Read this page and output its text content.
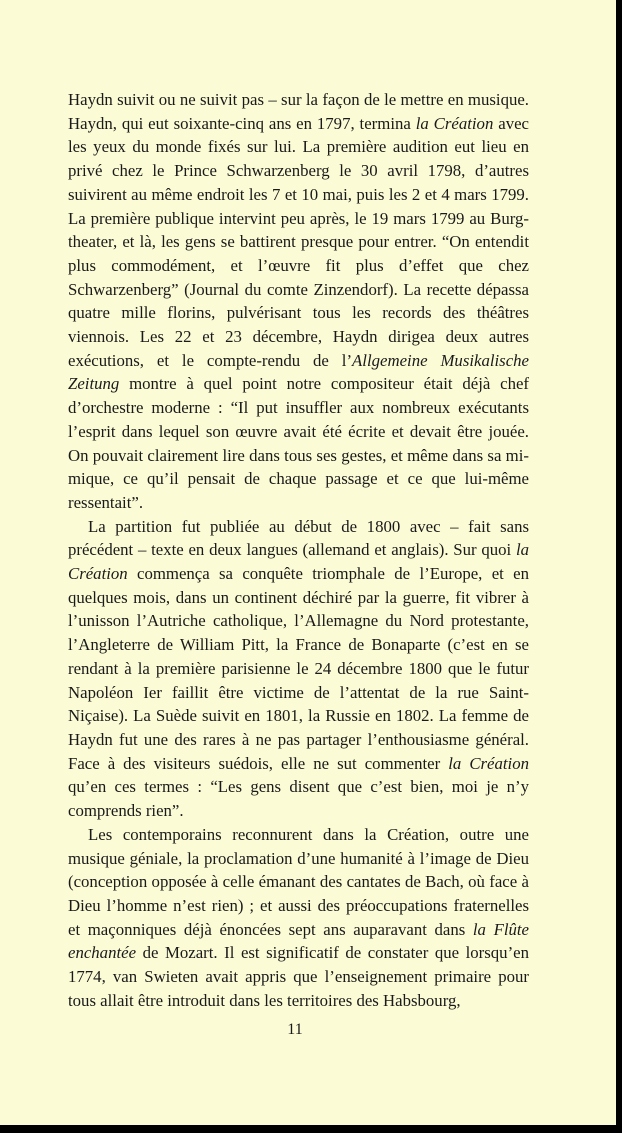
Haydn suivit ou ne suivit pas – sur la façon de le mettre en musique. Haydn, qui eut soixante-cinq ans en 1797, termina la Création avec les yeux du monde fixés sur lui. La première audition eut lieu en privé chez le Prince Schwarzenberg le 30 avril 1798, d’autres suivirent au même endroit les 7 et 10 mai, puis les 2 et 4 mars 1799. La première publique intervint peu après, le 19 mars 1799 au Burgtheater, et là, les gens se battirent presque pour entrer. “On entendit plus commodément, et l’œuvre fit plus d’effet que chez Schwarzenberg” (Journal du comte Zinzendorf). La recette dépassa quatre mille florins, pulvérisant tous les records des théâtres viennois. Les 22 et 23 décembre, Haydn dirigea deux autres exécutions, et le compte-rendu de l’Allgemeine Musikalische Zeitung montre à quel point notre compositeur était déjà chef d’orchestre moderne : “Il put insuffler aux nombreux exécutants l’esprit dans lequel son œuvre avait été écrite et devait être jouée. On pouvait clairement lire dans tous ses gestes, et même dans sa mimique, ce qu’il pensait de chaque passage et ce que lui-même ressentait”.

La partition fut publiée au début de 1800 avec – fait sans précédent – texte en deux langues (allemand et anglais). Sur quoi la Création commença sa conquête triomphale de l’Europe, et en quelques mois, dans un continent déchiré par la guerre, fit vibrer à l’unisson l’Autriche catholique, l’Allemagne du Nord protestante, l’Angleterre de William Pitt, la France de Bonaparte (c’est en se rendant à la première parisienne le 24 décembre 1800 que le futur Napoléon Ier faillit être victime de l’attentat de la rue Saint-Niçaise). La Suède suivit en 1801, la Russie en 1802. La femme de Haydn fut une des rares à ne pas partager l’enthousiasme général. Face à des visiteurs suédois, elle ne sut commenter la Création qu’en ces termes : “Les gens disent que c’est bien, moi je n’y comprends rien”.

Les contemporains reconnurent dans la Création, outre une musique géniale, la proclamation d’une humanité à l’image de Dieu (conception opposée à celle émanant des cantates de Bach, où face à Dieu l’homme n’est rien) ; et aussi des préoccupations fraternelles et maçonniques déjà énoncées sept ans auparavant dans la Flûte enchantée de Mozart. Il est significatif de constater que lorsqu’en 1774, van Swieten avait appris que l’enseignement primaire pour tous allait être introduit dans les territoires des Habsbourg,

11
